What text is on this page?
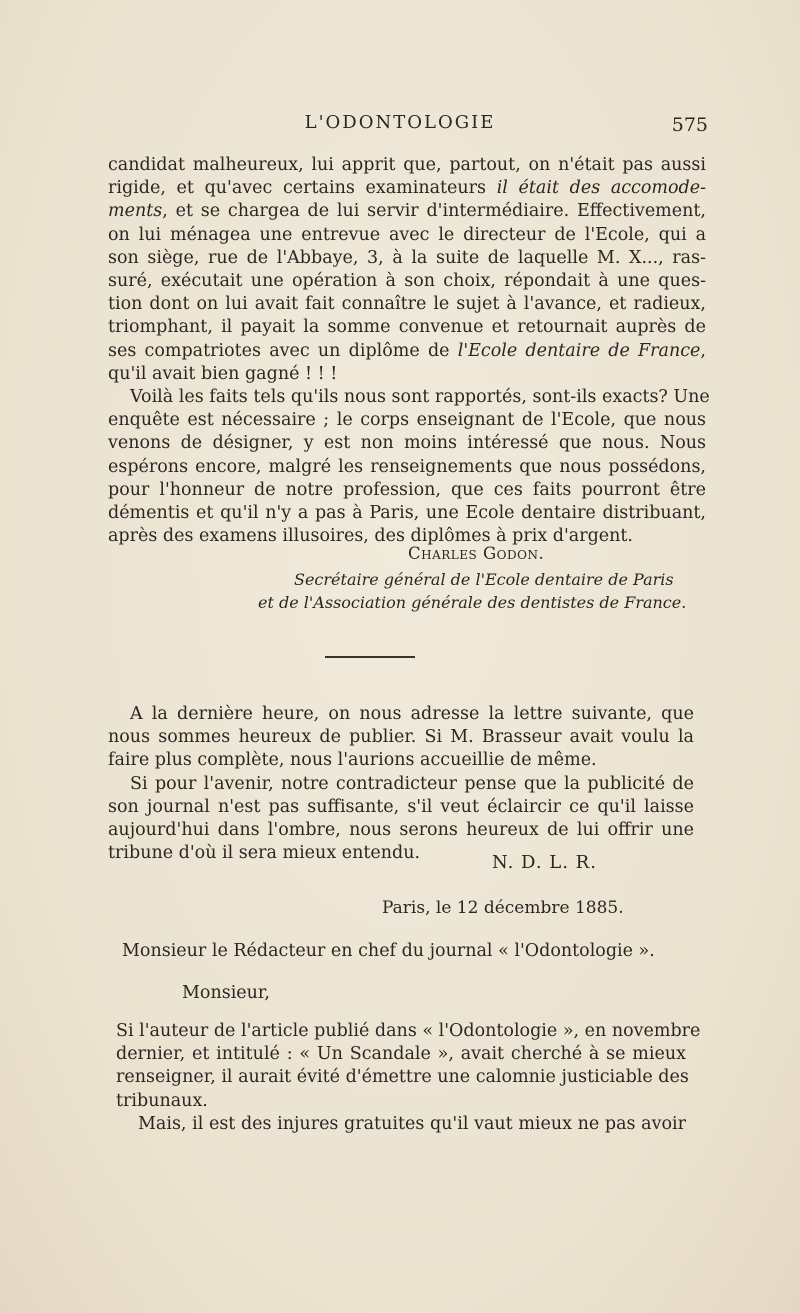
L'ODONTOLOGIE	575
candidat malheureux, lui apprit que, partout, on n'était pas aussi
rigide, et qu'avec certains examinateurs il était des accomode-
ments, et se chargea de lui servir d'intermédiaire. Effectivement,
on lui ménagea une entrevue avec le directeur de l'Ecole, qui a
son siège, rue de l'Abbaye, 3, à la suite de laquelle M. X..., ras-
suré, exécutait une opération à son choix, répondait à une ques-
tion dont on lui avait fait connaître le sujet à l'avance, et radieux,
triomphant, il payait la somme convenue et retournait auprès de
ses compatriotes avec un diplôme de l'Ecole dentaire de France,
qu'il avait bien gagné ! ! !
Voilà les faits tels qu'ils nous sont rapportés, sont-ils exacts? Une
enquête est nécessaire ; le corps enseignant de l'Ecole, que nous
venons de désigner, y est non moins intéressé que nous. Nous
espérons encore, malgré les renseignements que nous possédons,
pour l'honneur de notre profession, que ces faits pourront être
démentis et qu'il n'y a pas à Paris, une Ecole dentaire distribuant,
après des examens illusoires, des diplômes à prix d'argent.
Charles Godon.
Secrétaire général de l'Ecole dentaire de Paris
et de l'Association générale des dentistes de France.
A la dernière heure, on nous adresse la lettre suivante, que
nous sommes heureux de publier. Si M. Brasseur avait voulu la
faire plus complète, nous l'aurions accueillie de même.
Si pour l'avenir, notre contradicteur pense que la publicité de
son journal n'est pas suffisante, s'il veut éclaircir ce qu'il laisse
aujourd'hui dans l'ombre, nous serons heureux de lui offrir une
tribune d'où il sera mieux entendu.	N. D. L. R.
Paris, le 12 décembre 1885.
Monsieur le Rédacteur en chef du journal « l'Odontologie ».
Monsieur,
Si l'auteur de l'article publié dans « l'Odontologie », en novembre
dernier, et intitulé : « Un Scandale », avait cherché à se mieux
renseigner, il aurait évité d'émettre une calomnie justiciable des
tribunaux.
Mais, il est des injures gratuites qu'il vaut mieux ne pas avoir
